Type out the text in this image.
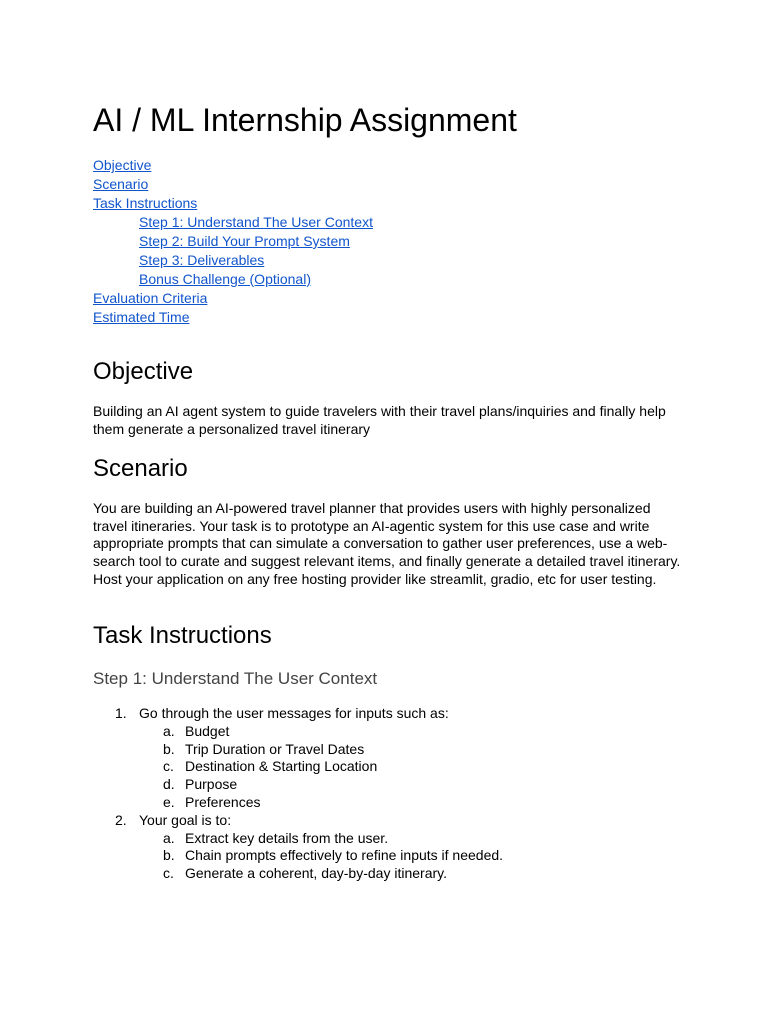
AI / ML Internship Assignment
Objective
Scenario
Task Instructions
Step 1: Understand The User Context
Step 2: Build Your Prompt System
Step 3: Deliverables
Bonus Challenge (Optional)
Evaluation Criteria
Estimated Time
Objective

Building an AI agent system to guide travelers with their travel plans/inquiries and finally help them generate a personalized travel itinerary

Scenario

You are building an AI-powered travel planner that provides users with highly personalized travel itineraries. Your task is to prototype an AI-agentic system for this use case and write appropriate prompts that can simulate a conversation to gather user preferences, use a web-search tool to curate and suggest relevant items, and finally generate a detailed travel itinerary. Host your application on any free hosting provider like streamlit, gradio, etc for user testing.

Task Instructions
Step 1: Understand The User Context
1. Go through the user messages for inputs such as:
a. Budget
b. Trip Duration or Travel Dates
c. Destination & Starting Location
d. Purpose
e. Preferences
2. Your goal is to:
a. Extract key details from the user.
b. Chain prompts effectively to refine inputs if needed.
c. Generate a coherent, day-by-day itinerary.
